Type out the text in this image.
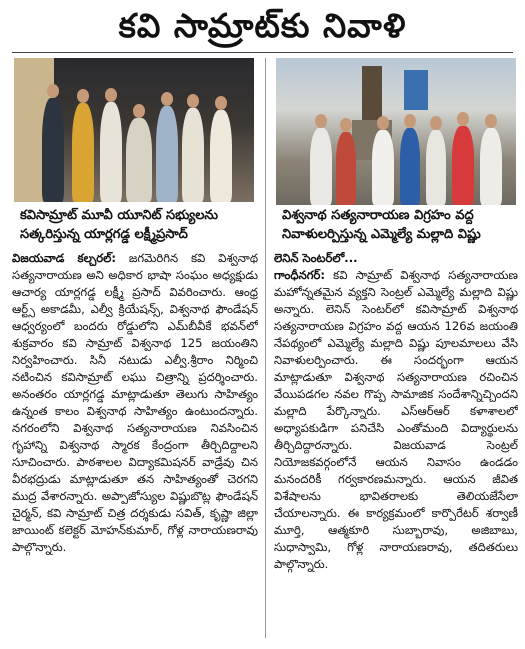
కవి సామ్రాట్‌కు నివాళి
కవిసామ్రాట్ మూవీ యూనిట్ సభ్యులను
సత్కరిస్తున్న యార్లగడ్డ లక్ష్మీప్రసాద్
విశ్వనాథ సత్యనారాయణ విగ్రహం వద్ద
నివాళులర్పిస్తున్న ఎమ్మెల్యే మల్లాది విష్ణు
విజయవాడ కల్చరల్: జగమెరిగిన కవి విశ్వనాథ సత్యనారాయణ అని అధికార భాషా సంఘం అధ్యక్షుడు ఆచార్య యార్లగడ్డ లక్ష్మీ ప్రసాద్ వివరించారు. ఆంధ్ర ఆర్ట్స్ అకాడమీ, ఎల్వీ క్రియేషన్స్, విశ్వనాథ ఫౌండేషన్ ఆధ్వర్యంలో బందరు రోడ్డులోని ఎమ్‌బీవీకే భవన్‌లో శుక్రవారం కవి సామ్రాట్ విశ్వనాథ 125 జయంతిని నిర్వహించారు. సినీ నటుడు ఎల్వీ.శ్రీరాం నిర్మించి నటించిన కవిసామ్రాట్ లఘు చిత్రాన్ని ప్రదర్శించారు. అనంతరం యార్లగడ్డ మాట్లాడుతూ తెలుగు సాహిత్యం ఉన్నంత కాలం విశ్వనాథ సాహిత్యం ఉంటుందన్నారు. నగరంలోని విశ్వనాథ సత్యనారాయణ నివసించిన గృహాన్ని విశ్వనాథ స్మారక కేంద్రంగా తీర్చిదిద్దాలని సూచించారు. పాఠశాలల విద్యాకమిషనర్ వాడ్రేవు చిన వీరభద్రుడు మాట్లాడుతూ తన సాహిత్యంతో చెరగని ముద్ర వేశారన్నారు. అప్పాజోస్యుల విష్ణుబొట్ల ఫౌండేషన్ చైర్మన్, కవి సామ్రాట్ చిత్ర దర్శకుడు సవిత్, కృష్ణా జిల్లా జాయింట్ కలెక్టర్ మోహన్‌కుమార్, గోళ్ల నారాయణరావు పాల్గొన్నారు.
లెనిన్ సెంటర్‌లో...
గాంధీనగర్: కవి సామ్రాట్ విశ్వనాథ సత్యనారాయణ మహోన్నతమైన వ్యక్తని సెంట్రల్ ఎమ్మెల్యే మల్లాది విష్ణు అన్నారు. లెనిన్ సెంటర్‌లో కవిసామ్రాట్ విశ్వనాథ సత్యనారాయణ విగ్రహం వద్ద ఆయన 126వ జయంతి నేపథ్యంలో ఎమ్మెల్యే మల్లాది విష్ణు పూలమాలలు వేసి నివాళులర్పించారు. ఈ సందర్భంగా ఆయన మాట్లాడుతూ విశ్వనాథ సత్యనారాయణ రచించిన వేయిపడగల నవల గొప్ప సామాజిక సందేశాన్నిచ్చిందని మల్లాది పేర్కొన్నారు. ఎస్ఆర్ఆర్ కళాశాలలో అధ్యాపకుడిగా పనిచేసి ఎంతోమంది విద్యార్థులను తీర్చిదిద్దారన్నారు. విజయవాడ సెంట్రల్ నియోజకవర్గంలోనే ఆయన నివాసం ఉండడం మనందరికీ గర్వకారణమన్నారు. ఆయన జీవిత విశేషాలను భావితరాలకు తెలియజేసేలా చేయాలన్నారు. ఈ కార్యక్రమంలో కార్పొరేటర్ శర్వాణీ మూర్తి, ఆత్మకూరి సుబ్బారావు, అజిబాబు, సుధాస్వామి, గోళ్ల నారాయణరావు, తదితరులు పాల్గొన్నారు.
